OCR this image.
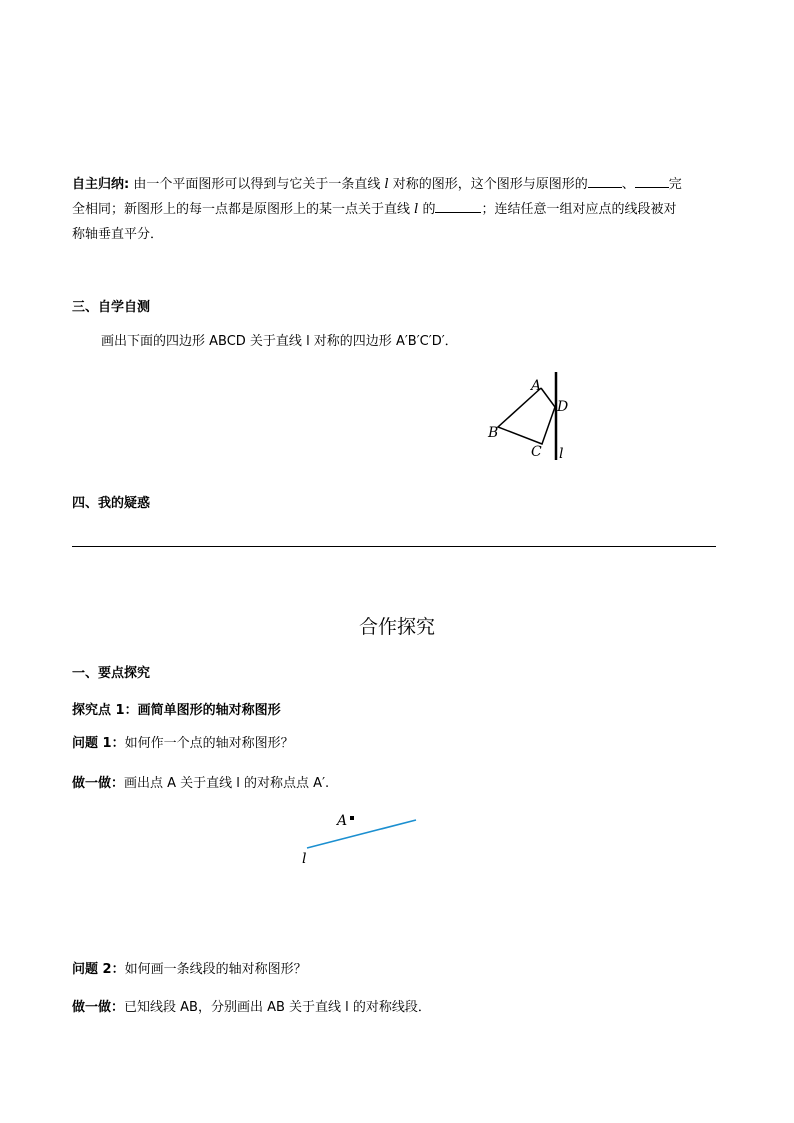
自主归纳: 由一个平面图形可以得到与它关于一条直线 l 对称的图形，这个图形与原图形的	、	完
全相同；新图形上的每一点都是原图形上的某一点关于直线 l 的	；连结任意一组对应点的线段被对
称轴垂直平分．
三、自学自测
画出下面的四边形 ABCD 关于直线 l 对称的四边形 A′B′C′D′．
A
D
B
C l
四、我的疑惑
合作探究
一、要点探究
探究点 1：画简单图形的轴对称图形
问题 1：如何作一个点的轴对称图形？
做一做：画出点 A 关于直线 l 的对称点点 A′.
A
l
问题 2：如何画一条线段的轴对称图形？
做一做：已知线段 AB，分别画出 AB 关于直线 l 的对称线段．
